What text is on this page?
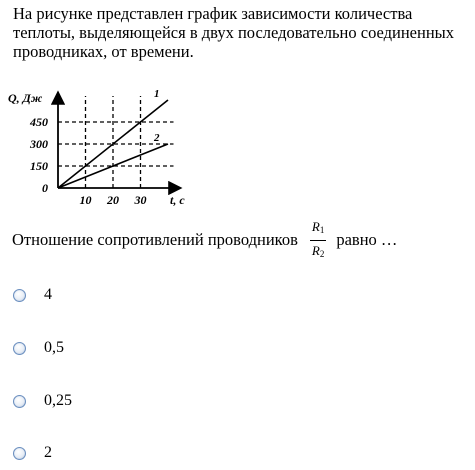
На рисунке представлен график зависимости количества теплоты, выделяющейся в двух последовательно соединенных проводниках, от времени.
Q, Дж
t, c
450
300
150
0
10 20 30
1
2
Отношение сопротивлений проводников $\frac{R_1}{R_2}$ равно …
4
0,5
0,25
2
